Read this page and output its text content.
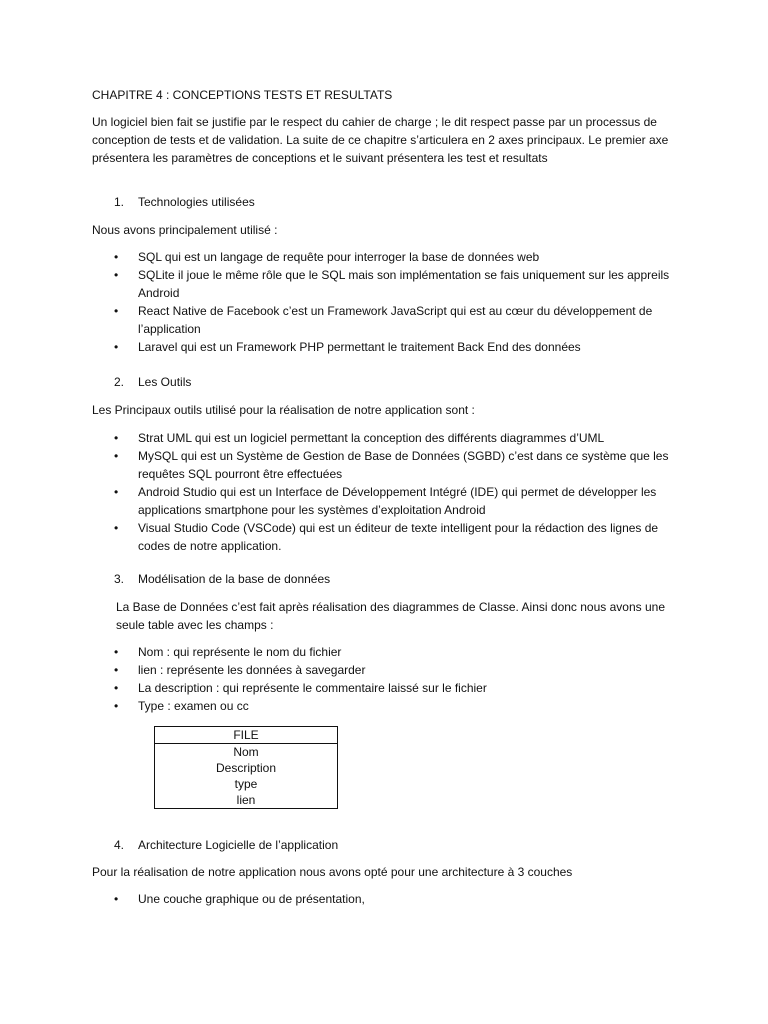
CHAPITRE 4 : CONCEPTIONS TESTS ET RESULTATS

Un logiciel bien fait se justifie par le respect du cahier de charge ; le dit respect passe par un processus de conception de tests et de validation. La suite de ce chapitre s’articulera en 2 axes principaux. Le premier axe présentera les paramètres de conceptions et le suivant présentera les test et resultats

1. Technologies utilisées

Nous avons principalement utilisé :

•	SQL qui est un langage de requête pour interroger la base de données web
•	SQLite il joue le même rôle que le SQL mais son implémentation se fais uniquement sur les appreils Android
•	React Native de Facebook c’est un Framework JavaScript qui est au cœur du développement de l’application
•	Laravel qui est un Framework PHP permettant le traitement Back End des données

2. Les Outils

Les Principaux outils utilisé pour la réalisation de notre application sont :

•	Strat UML qui est un logiciel permettant la conception des différents diagrammes d’UML
•	MySQL qui est un Système de Gestion de Base de Données (SGBD) c’est dans ce système que les requêtes SQL pourront être effectuées
•	Android Studio qui est un Interface de Développement Intégré (IDE) qui permet de développer les applications smartphone pour les systèmes d’exploitation Android
•	Visual Studio Code (VSCode) qui est un éditeur de texte intelligent pour la rédaction des lignes de codes de notre application.

3. Modélisation de la base de données

La Base de Données c’est fait après réalisation des diagrammes de Classe. Ainsi donc nous avons une seule table avec les champs :

•	Nom : qui représente le nom du fichier
•	lien : représente les données à savegarder
•	La description : qui représente le commentaire laissé sur le fichier
•	Type : examen ou cc
FILE
Nom
Description
type
lien

4. Architecture Logicielle de l’application

Pour la réalisation de notre application nous avons opté pour une architecture à 3 couches

•	Une couche graphique ou de présentation,
